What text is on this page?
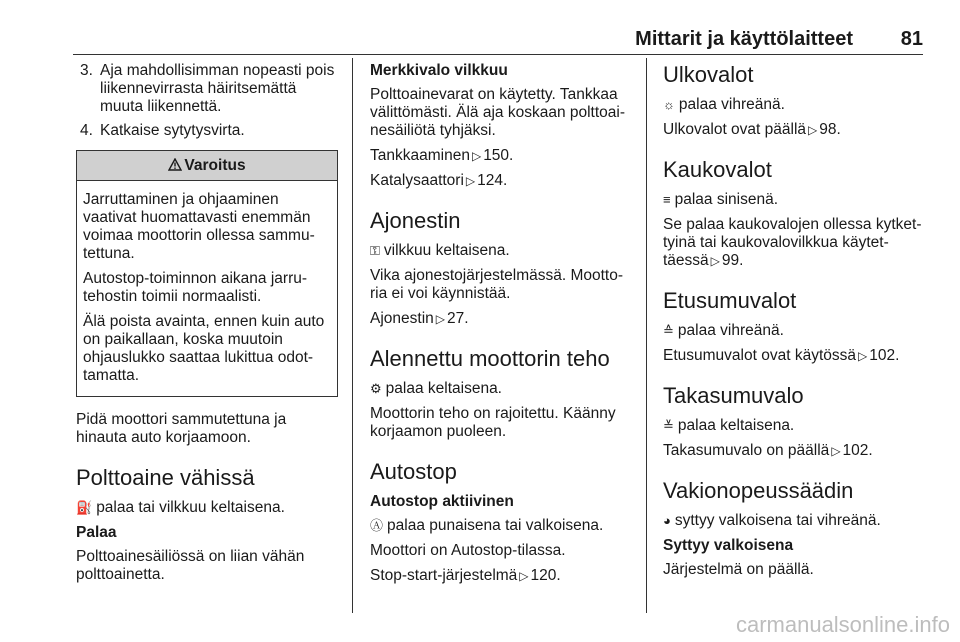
Mittarit ja käyttölaitteet 81
3. Aja mahdollisimman nopeasti pois liikennevirrasta häiritsemättä muuta liikennettä.
4. Katkaise sytytysvirta.
Varoitus

Jarruttaminen ja ohjaaminen vaativat huomattavasti enemmän voimaa moottorin ollessa sammutettuna.

Autostop-toiminnon aikana jarrutehostin toimii normaalisti.

Älä poista avainta, ennen kuin auto on paikallaan, koska muutoin ohjauslukko saattaa lukittua odottamatta.

Pidä moottori sammutettuna ja hinauta auto korjaamoon.

Polttoaine vähissä

⛽ palaa tai vilkkuu keltaisena.

Palaa

Polttoainesäiliössä on liian vähän polttoainetta.

Merkkivalo vilkkuu

Polttoainevarat on käytetty. Tankkaa välittömästi. Älä aja koskaan polttoainesäiliötä tyhjäksi.

Tankkaaminen ▷ 150.

Katalysaattori ▷ 124.

Ajonestin

⚿ vilkkuu keltaisena.

Vika ajonestojärjestelmässä. Moottoria ei voi käynnistää.

Ajonestin ▷ 27.

Alennettu moottorin teho

⚙ palaa keltaisena.

Moottorin teho on rajoitettu. Käänny korjaamon puoleen.

Autostop
Autostop aktiivinen

Ⓐ palaa punaisena tai valkoisena.

Moottori on Autostop-tilassa.

Stop-start-järjestelmä ▷ 120.

Ulkovalot

☼ palaa vihreänä.

Ulkovalot ovat päällä ▷ 98.

Kaukovalot

≡ palaa sinisenä.

Se palaa kaukovalojen ollessa kytkettyinä tai kaukovalovilkkua käytettäessä ▷ 99.

Etusumuvalot

≙ palaa vihreänä.

Etusumuvalot ovat käytössä ▷ 102.

Takasumuvalo

≚ palaa keltaisena.

Takasumuvalo on päällä ▷ 102.

Vakionopeussäädin

◕ syttyy valkoisena tai vihreänä.

Syttyy valkoisena

Järjestelmä on päällä.

carmanualsonline.info
